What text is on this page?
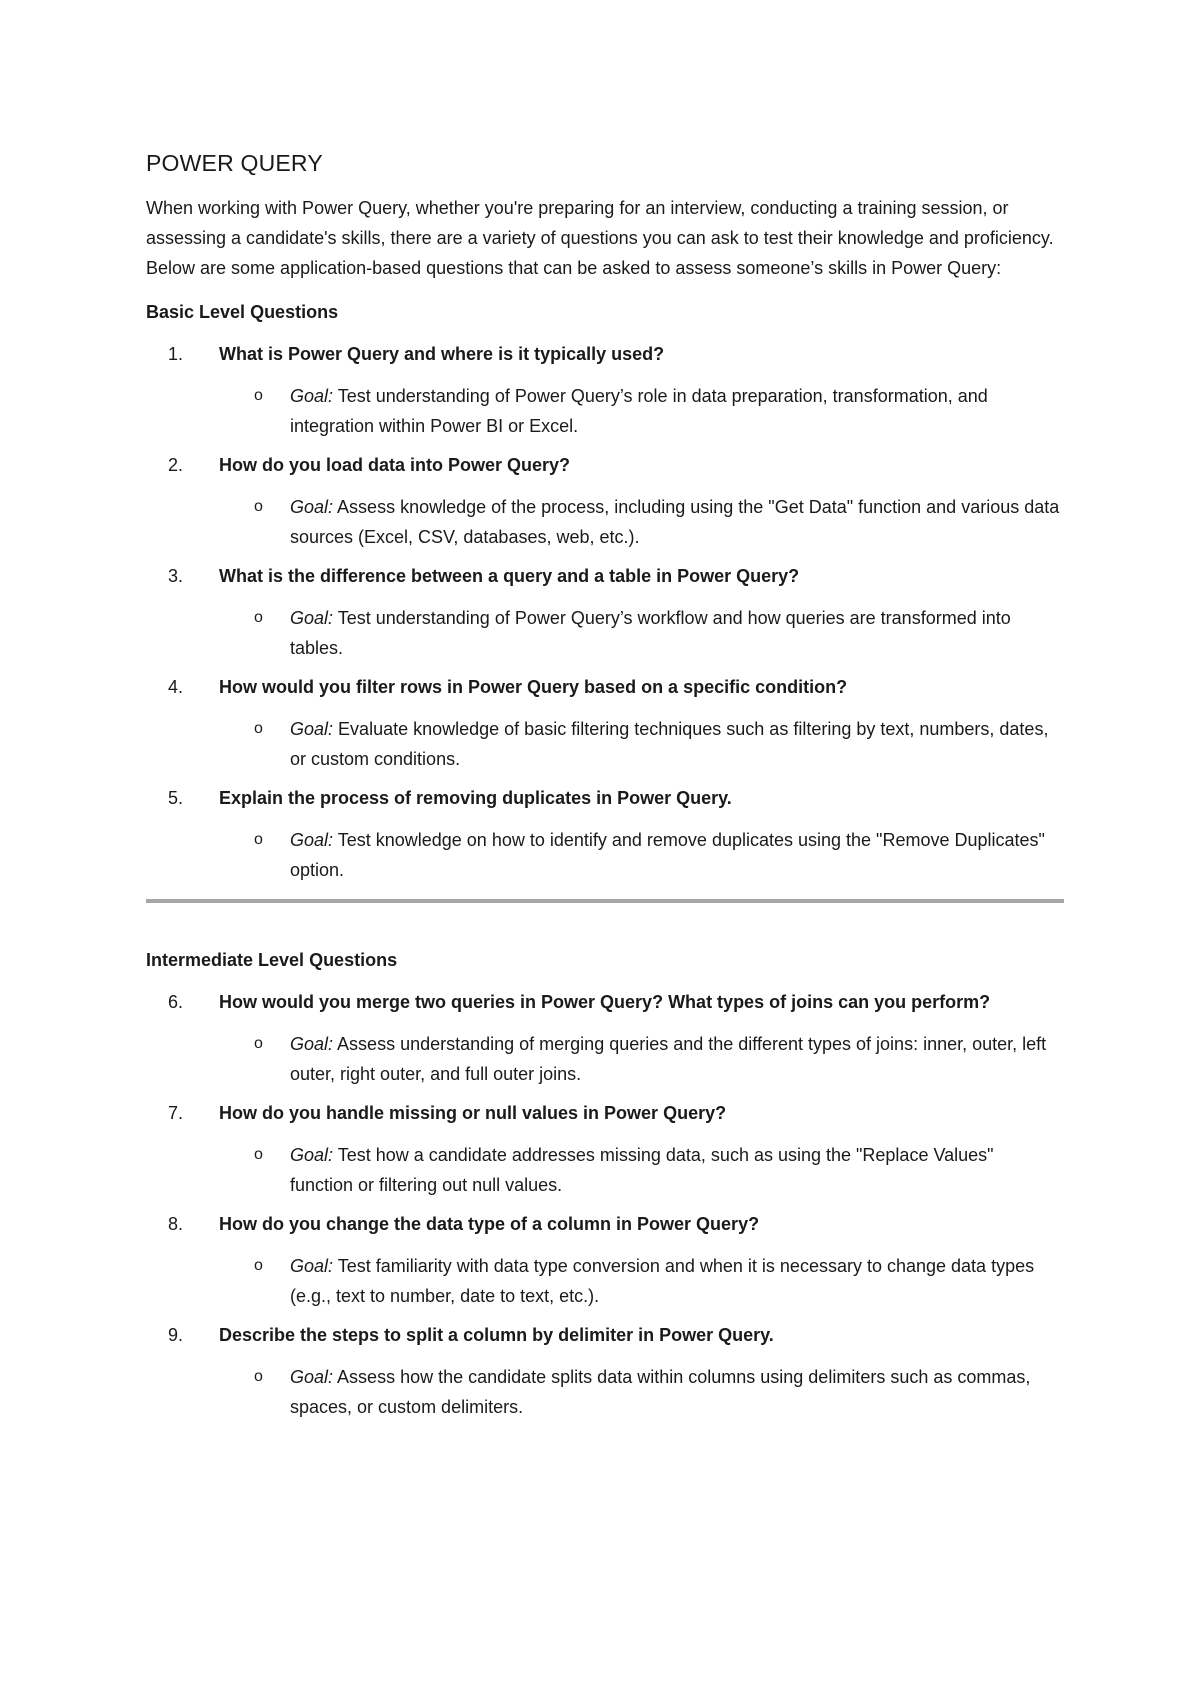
POWER QUERY

When working with Power Query, whether you're preparing for an interview, conducting a training session, or assessing a candidate's skills, there are a variety of questions you can ask to test their knowledge and proficiency. Below are some application-based questions that can be asked to assess someone’s skills in Power Query:

Basic Level Questions
1. What is Power Query and where is it typically used?
o	Goal: Test understanding of Power Query’s role in data preparation, transformation, and integration within Power BI or Excel.
2. How do you load data into Power Query?
o	Goal: Assess knowledge of the process, including using the "Get Data" function and various data sources (Excel, CSV, databases, web, etc.).
3. What is the difference between a query and a table in Power Query?
o	Goal: Test understanding of Power Query’s workflow and how queries are transformed into tables.
4. How would you filter rows in Power Query based on a specific condition?
o	Goal: Evaluate knowledge of basic filtering techniques such as filtering by text, numbers, dates, or custom conditions.
5. Explain the process of removing duplicates in Power Query.
o	Goal: Test knowledge on how to identify and remove duplicates using the "Remove Duplicates" option.
Intermediate Level Questions
6. How would you merge two queries in Power Query? What types of joins can you perform?
o	Goal: Assess understanding of merging queries and the different types of joins: inner, outer, left outer, right outer, and full outer joins.
7. How do you handle missing or null values in Power Query?
o	Goal: Test how a candidate addresses missing data, such as using the "Replace Values" function or filtering out null values.
8. How do you change the data type of a column in Power Query?
o	Goal: Test familiarity with data type conversion and when it is necessary to change data types (e.g., text to number, date to text, etc.).
9. Describe the steps to split a column by delimiter in Power Query.
o	Goal: Assess how the candidate splits data within columns using delimiters such as commas, spaces, or custom delimiters.
